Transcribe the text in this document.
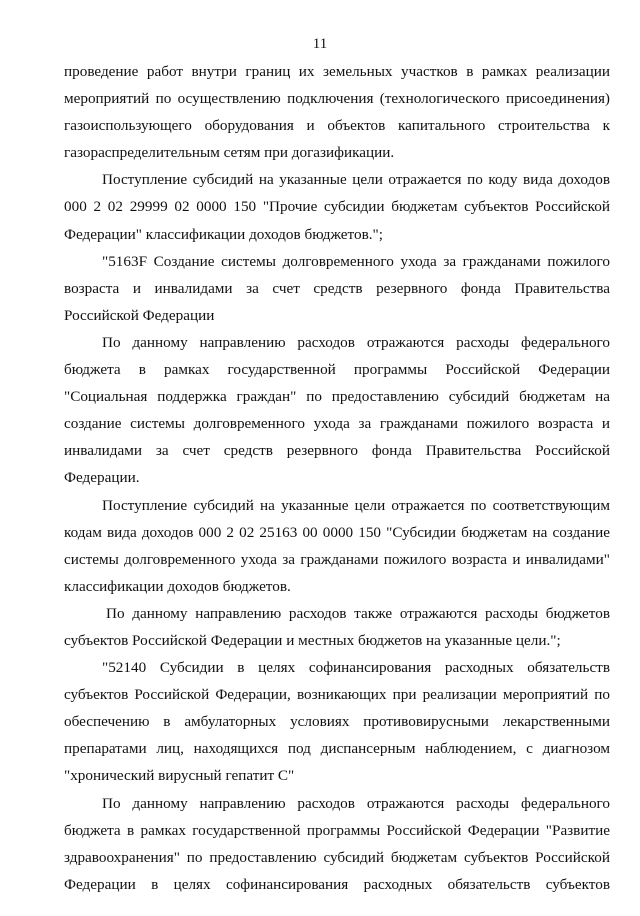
11

проведение работ внутри границ их земельных участков в рамках реализации мероприятий по осуществлению подключения (технологического присоединения) газоиспользующего оборудования и объектов капитального строительства к газораспределительным сетям при догазификации.

Поступление субсидий на указанные цели отражается по коду вида доходов 000 2 02 29999 02 0000 150 "Прочие субсидии бюджетам субъектов Российской Федерации" классификации доходов бюджетов.";

"5163F Создание системы долговременного ухода за гражданами пожилого возраста и инвалидами за счет средств резервного фонда Правительства Российской Федерации

По данному направлению расходов отражаются расходы федерального бюджета в рамках государственной программы Российской Федерации "Социальная поддержка граждан" по предоставлению субсидий бюджетам на создание системы долговременного ухода за гражданами пожилого возраста и инвалидами за счет средств резервного фонда Правительства Российской Федерации.

Поступление субсидий на указанные цели отражается по соответствующим кодам вида доходов 000 2 02 25163 00 0000 150 "Субсидии бюджетам на создание системы долговременного ухода за гражданами пожилого возраста и инвалидами" классификации доходов бюджетов.

По данному направлению расходов также отражаются расходы бюджетов субъектов Российской Федерации и местных бюджетов на указанные цели.";

"52140 Субсидии в целях софинансирования расходных обязательств субъектов Российской Федерации, возникающих при реализации мероприятий по обеспечению в амбулаторных условиях противовирусными лекарственными препаратами лиц, находящихся под диспансерным наблюдением, с диагнозом "хронический вирусный гепатит С"

По данному направлению расходов отражаются расходы федерального бюджета в рамках государственной программы Российской Федерации "Развитие здравоохранения" по предоставлению субсидий бюджетам субъектов Российской Федерации в целях софинансирования расходных обязательств субъектов
